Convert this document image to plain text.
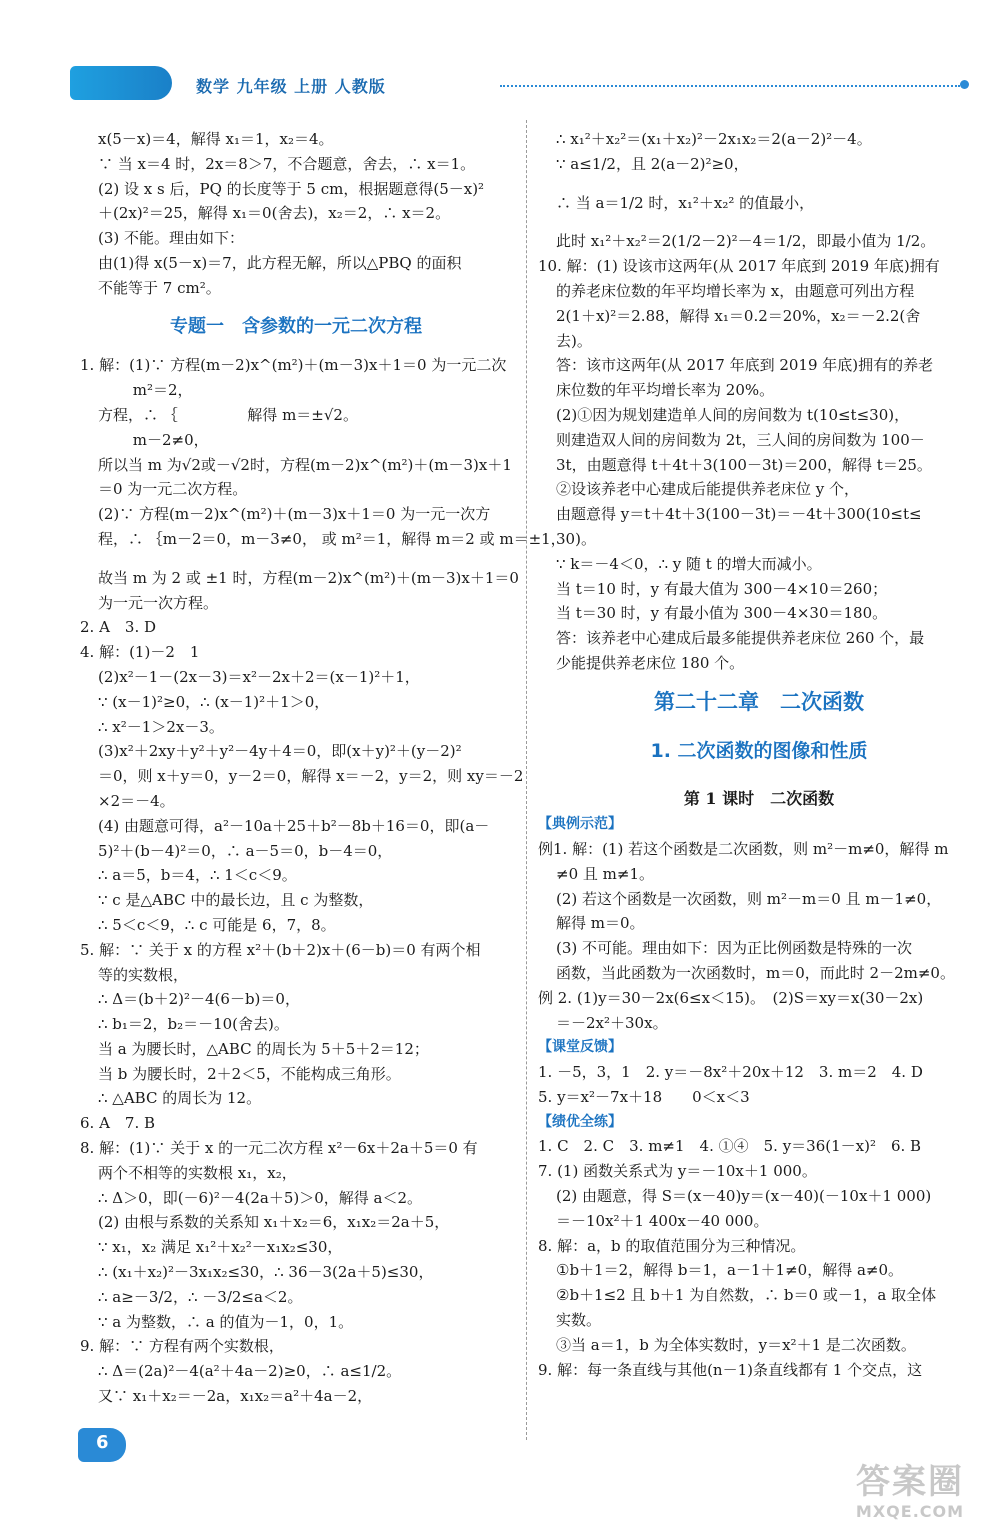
数学 九年级 上册 人教版
x(5－x)＝4，解得 x₁＝1，x₂＝4。
∵ 当 x＝4 时，2x＝8＞7，不合题意，舍去，∴ x＝1。
(2) 设 x s 后，PQ 的长度等于 5 cm，根据题意得(5－x)²
＋(2x)²＝25，解得 x₁＝0(舍去)，x₂＝2，∴ x＝2。
(3) 不能。理由如下：
由(1)得 x(5－x)＝7，此方程无解，所以△PBQ 的面积
不能等于 7 cm²。
专题一　含参数的一元二次方程
1. 解：(1)∵ 方程(m－2)x^(m²)＋(m－3)x＋1＝0 为一元二次
　　 m²＝2，
方程，∴ ｛ 　　　　 解得 m＝±√2。
　　 m－2≠0，
所以当 m 为√2或－√2时，方程(m－2)x^(m²)＋(m－3)x＋1
＝0 为一元二次方程。
(2)∵ 方程(m－2)x^(m²)＋(m－3)x＋1＝0 为一元一次方
程，∴ ｛m－2＝0，m－3≠0， 或 m²＝1，解得 m＝2 或 m＝±1，
故当 m 为 2 或 ±1 时，方程(m－2)x^(m²)＋(m－3)x＋1＝0
为一元一次方程。
2. A　3. D
4. 解：(1)－2　1
(2)x²－1－(2x－3)＝x²－2x＋2＝(x－1)²＋1，
∵ (x－1)²≥0，∴ (x－1)²＋1＞0，
∴ x²－1＞2x－3。
(3)x²＋2xy＋y²＋y²－4y＋4＝0，即(x＋y)²＋(y－2)²
＝0，则 x＋y＝0，y－2＝0，解得 x＝－2，y＝2，则 xy＝－2
×2＝－4。
(4) 由题意可得，a²－10a＋25＋b²－8b＋16＝0，即(a－
5)²＋(b－4)²＝0，∴ a－5＝0，b－4＝0，
∴ a＝5，b＝4，∴ 1＜c＜9。
∵ c 是△ABC 中的最长边，且 c 为整数，
∴ 5＜c＜9，∴ c 可能是 6，7，8。
5. 解：∵ 关于 x 的方程 x²＋(b＋2)x＋(6－b)＝0 有两个相
等的实数根，
∴ Δ＝(b＋2)²－4(6－b)＝0，
∴ b₁＝2，b₂＝－10(舍去)。
当 a 为腰长时，△ABC 的周长为 5＋5＋2＝12；
当 b 为腰长时，2＋2＜5，不能构成三角形。
∴ △ABC 的周长为 12。
6. A　7. B
8. 解：(1)∵ 关于 x 的一元二次方程 x²－6x＋2a＋5＝0 有
两个不相等的实数根 x₁，x₂，
∴ Δ＞0，即(－6)²－4(2a＋5)＞0，解得 a＜2。
(2) 由根与系数的关系知 x₁＋x₂＝6，x₁x₂＝2a＋5，
∵ x₁，x₂ 满足 x₁²＋x₂²－x₁x₂≤30，
∴ (x₁＋x₂)²－3x₁x₂≤30，∴ 36－3(2a＋5)≤30，
∴ a≥－3/2，∴ －3/2≤a＜2。
∵ a 为整数，∴ a 的值为－1，0，1。
9. 解：∵ 方程有两个实数根，
∴ Δ＝(2a)²－4(a²＋4a－2)≥0，∴ a≤1/2。
又∵ x₁＋x₂＝－2a，x₁x₂＝a²＋4a－2，
∴ x₁²＋x₂²＝(x₁＋x₂)²－2x₁x₂＝2(a－2)²－4。
∵ a≤1/2，且 2(a－2)²≥0，
∴ 当 a＝1/2 时，x₁²＋x₂² 的值最小，
此时 x₁²＋x₂²＝2(1/2－2)²－4＝1/2，即最小值为 1/2。
10. 解：(1) 设该市这两年(从 2017 年底到 2019 年底)拥有
的养老床位数的年平均增长率为 x，由题意可列出方程
2(1＋x)²＝2.88，解得 x₁＝0.2＝20%，x₂＝－2.2(舍
去)。
答：该市这两年(从 2017 年底到 2019 年底)拥有的养老
床位数的年平均增长率为 20%。
(2)①因为规划建造单人间的房间数为 t(10≤t≤30)，
则建造双人间的房间数为 2t，三人间的房间数为 100－
3t，由题意得 t＋4t＋3(100－3t)＝200，解得 t＝25。
②设该养老中心建成后能提供养老床位 y 个，
由题意得 y＝t＋4t＋3(100－3t)＝－4t＋300(10≤t≤
30)。
∵ k＝－4＜0，∴ y 随 t 的增大而减小。
当 t＝10 时，y 有最大值为 300－4×10＝260；
当 t＝30 时，y 有最小值为 300－4×30＝180。
答：该养老中心建成后最多能提供养老床位 260 个，最
少能提供养老床位 180 个。
第二十二章　二次函数
1. 二次函数的图像和性质
第 1 课时　二次函数
【典例示范】
例1. 解：(1) 若这个函数是二次函数，则 m²－m≠0，解得 m
≠0 且 m≠1。
(2) 若这个函数是一次函数，则 m²－m＝0 且 m－1≠0，
解得 m＝0。
(3) 不可能。理由如下：因为正比例函数是特殊的一次
函数，当此函数为一次函数时，m＝0，而此时 2－2m≠0。
例 2. (1)y＝30－2x(6≤x＜15)。　(2)S＝xy＝x(30－2x)
＝－2x²＋30x。
【课堂反馈】
1. －5，3，1　2. y＝－8x²＋20x＋12　3. m＝2　4. D
5. y＝x²－7x＋18　　0＜x＜3
【绩优全练】
1. C　2. C　3. m≠1　4. ①④　5. y＝36(1－x)²　6. B
7. (1) 函数关系式为 y＝－10x＋1 000。
(2) 由题意，得 S＝(x－40)y＝(x－40)(－10x＋1 000)
＝－10x²＋1 400x－40 000。
8. 解：a，b 的取值范围分为三种情况。
①b＋1＝2，解得 b＝1，a－1＋1≠0，解得 a≠0。
②b＋1≤2 且 b＋1 为自然数，∴ b＝0 或－1，a 取全体
实数。
③当 a＝1，b 为全体实数时，y＝x²＋1 是二次函数。
9. 解：每一条直线与其他(n－1)条直线都有 1 个交点，这
6
答案圈
MXQE.COM
